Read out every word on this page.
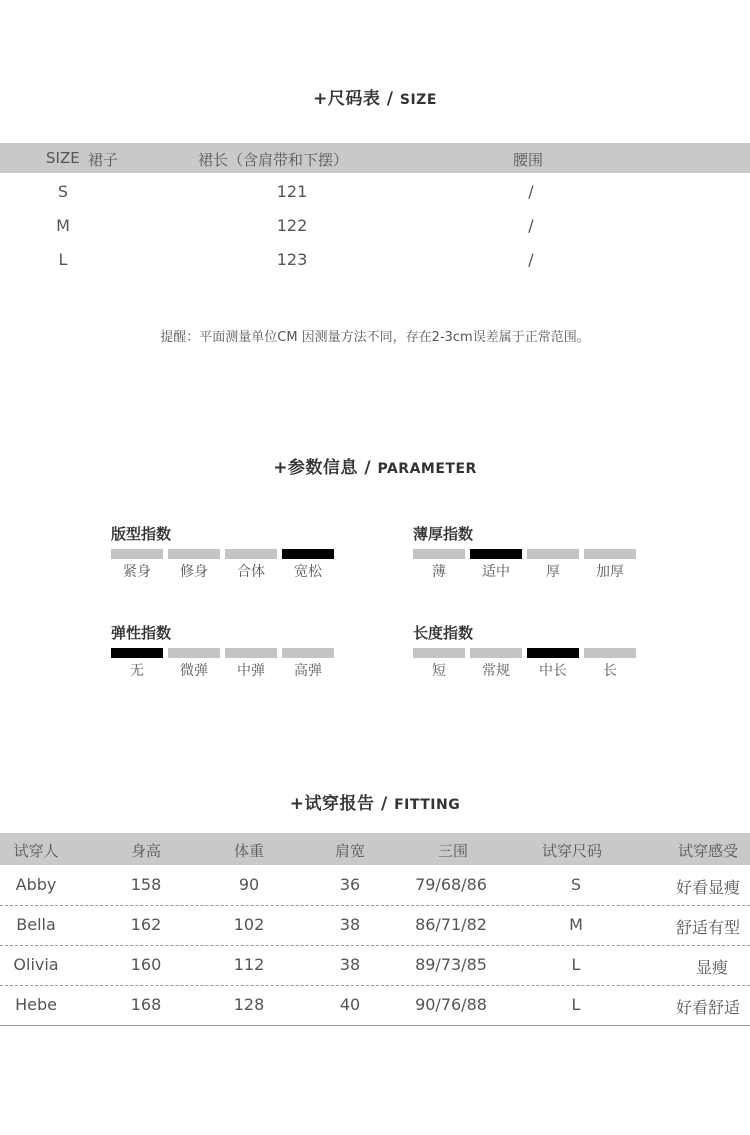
+尺码表 / SIZE
SIZE 裙子	裙长（含肩带和下摆）	腰围
S	121	/
M	122	/
L	123	/
提醒：平面测量单位CM 因测量方法不同，存在2-3cm误差属于正常范围。
+参数信息 / PARAMETER
版型指数
紧身	修身	合体	宽松
薄厚指数
薄	适中	厚	加厚
弹性指数
无	微弹	中弹	高弹
长度指数
短	常规	中长	长
+试穿报告 / FITTING
试穿人	身高	体重	肩宽	三围	试穿尺码	试穿感受
Abby	158	90	36	79/68/86	S	好看显瘦
Bella	162	102	38	86/71/82	M	舒适有型
Olivia	160	112	38	89/73/85	L	显瘦
Hebe	168	128	40	90/76/88	L	好看舒适
